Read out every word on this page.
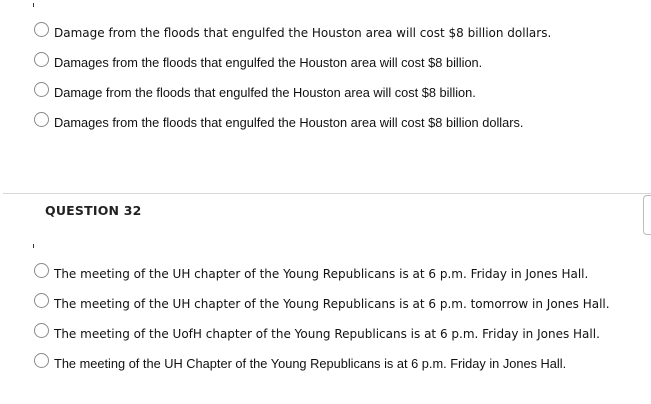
Damage from the floods that engulfed the Houston area will cost $8 billion dollars.
Damages from the floods that engulfed the Houston area will cost $8 billion.
Damage from the floods that engulfed the Houston area will cost $8 billion.
Damages from the floods that engulfed the Houston area will cost $8 billion dollars.
QUESTION 32
The meeting of the UH chapter of the Young Republicans is at 6 p.m. Friday in Jones Hall.
The meeting of the UH chapter of the Young Republicans is at 6 p.m. tomorrow in Jones Hall.
The meeting of the UofH chapter of the Young Republicans is at 6 p.m. Friday in Jones Hall.
The meeting of the UH Chapter of the Young Republicans is at 6 p.m. Friday in Jones Hall.
